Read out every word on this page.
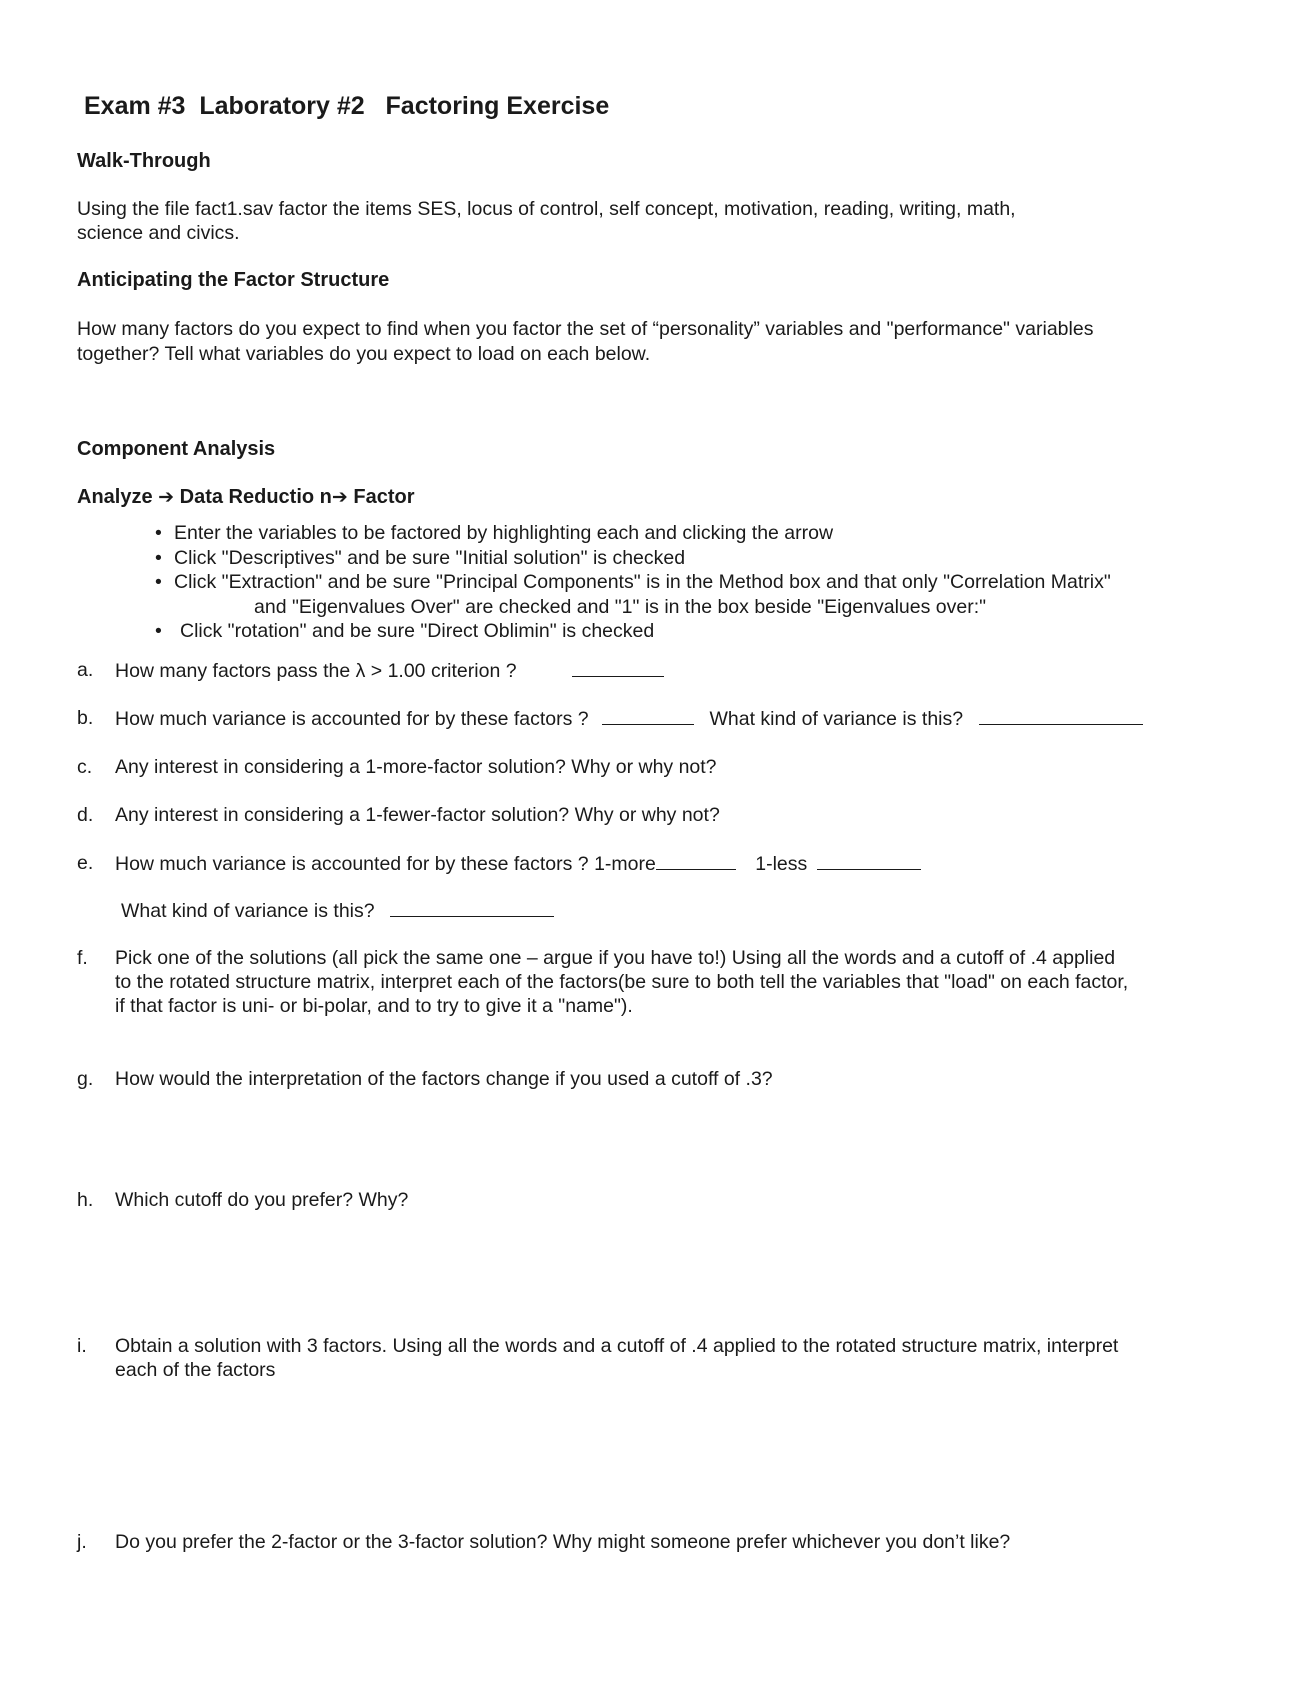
Exam #3  Laboratory #2   Factoring Exercise
Walk-Through
Using the file fact1.sav factor the items SES, locus of control, self concept, motivation, reading, writing, math,
science and civics.
Anticipating the Factor Structure
How many factors do you expect to find when you factor the set of “personality” variables and "performance" variables
together? Tell what variables do you expect to load on each below.
Component Analysis
Analyze ➔ Data Reductio n➔ Factor
• Enter the variables to be factored by highlighting each and clicking the arrow
• Click "Descriptives" and be sure "Initial solution" is checked
• Click "Extraction" and be sure "Principal Components" is in the Method box and that only "Correlation Matrix"
and "Eigenvalues Over" are checked and "1" is in the box beside "Eigenvalues over:"
• Click "rotation" and be sure "Direct Oblimin" is checked
a. How many factors pass the λ > 1.00 criterion ?
b. How much variance is accounted for by these factors ?	What kind of variance is this?
c. Any interest in considering a 1-more-factor solution? Why or why not?
d. Any interest in considering a 1-fewer-factor solution? Why or why not?
e. How much variance is accounted for by these factors ? 1-more	1-less
What kind of variance is this?
f. Pick one of the solutions (all pick the same one – argue if you have to!) Using all the words and a cutoff of .4 applied
to the rotated structure matrix, interpret each of the factors(be sure to both tell the variables that "load" on each factor,
if that factor is uni- or bi-polar, and to try to give it a "name").
g. How would the interpretation of the factors change if you used a cutoff of .3?
h. Which cutoff do you prefer? Why?
i. Obtain a solution with 3 factors. Using all the words and a cutoff of .4 applied to the rotated structure matrix, interpret
each of the factors
j. Do you prefer the 2-factor or the 3-factor solution? Why might someone prefer whichever you don’t like?
